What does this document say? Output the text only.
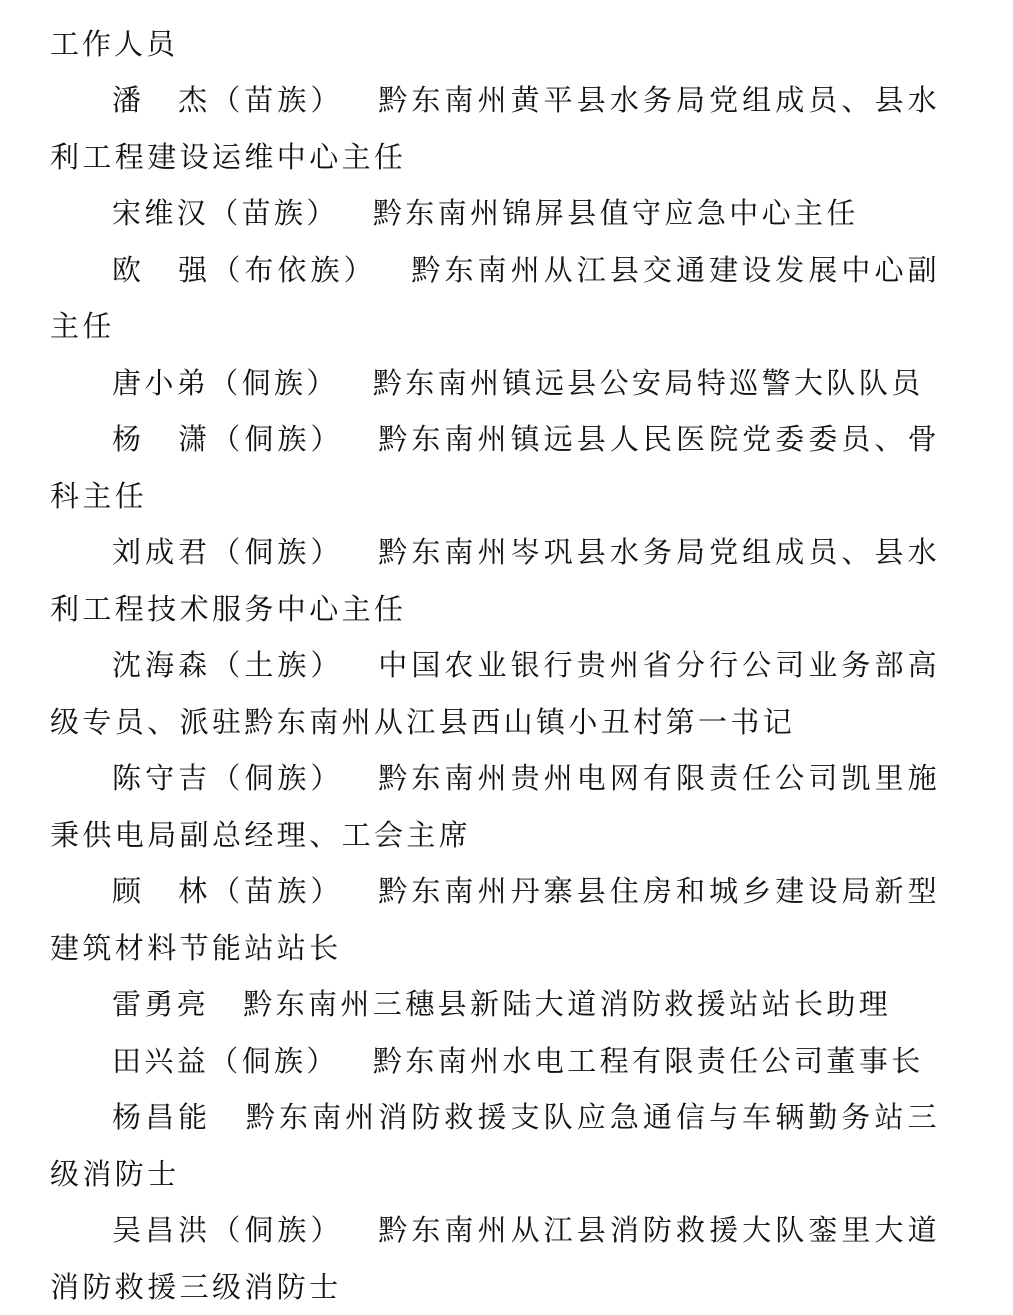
工作人员

潘　杰（苗族） 黔东南州黄平县水务局党组成员、县水利工程建设运维中心主任

宋维汉（苗族） 黔东南州锦屏县值守应急中心主任

欧　强（布依族） 黔东南州从江县交通建设发展中心副主任

唐小弟（侗族） 黔东南州镇远县公安局特巡警大队队员

杨　潇（侗族） 黔东南州镇远县人民医院党委委员、骨科主任

刘成君（侗族） 黔东南州岑巩县水务局党组成员、县水利工程技术服务中心主任

沈海森（土族） 中国农业银行贵州省分行公司业务部高级专员、派驻黔东南州从江县西山镇小丑村第一书记

陈守吉（侗族） 黔东南州贵州电网有限责任公司凯里施秉供电局副总经理、工会主席

顾　林（苗族） 黔东南州丹寨县住房和城乡建设局新型建筑材料节能站站长

雷勇亮 黔东南州三穗县新陆大道消防救援站站长助理

田兴益（侗族） 黔东南州水电工程有限责任公司董事长

杨昌能 黔东南州消防救援支队应急通信与车辆勤务站三级消防士

吴昌洪（侗族） 黔东南州从江县消防救援大队銮里大道消防救援三级消防士
